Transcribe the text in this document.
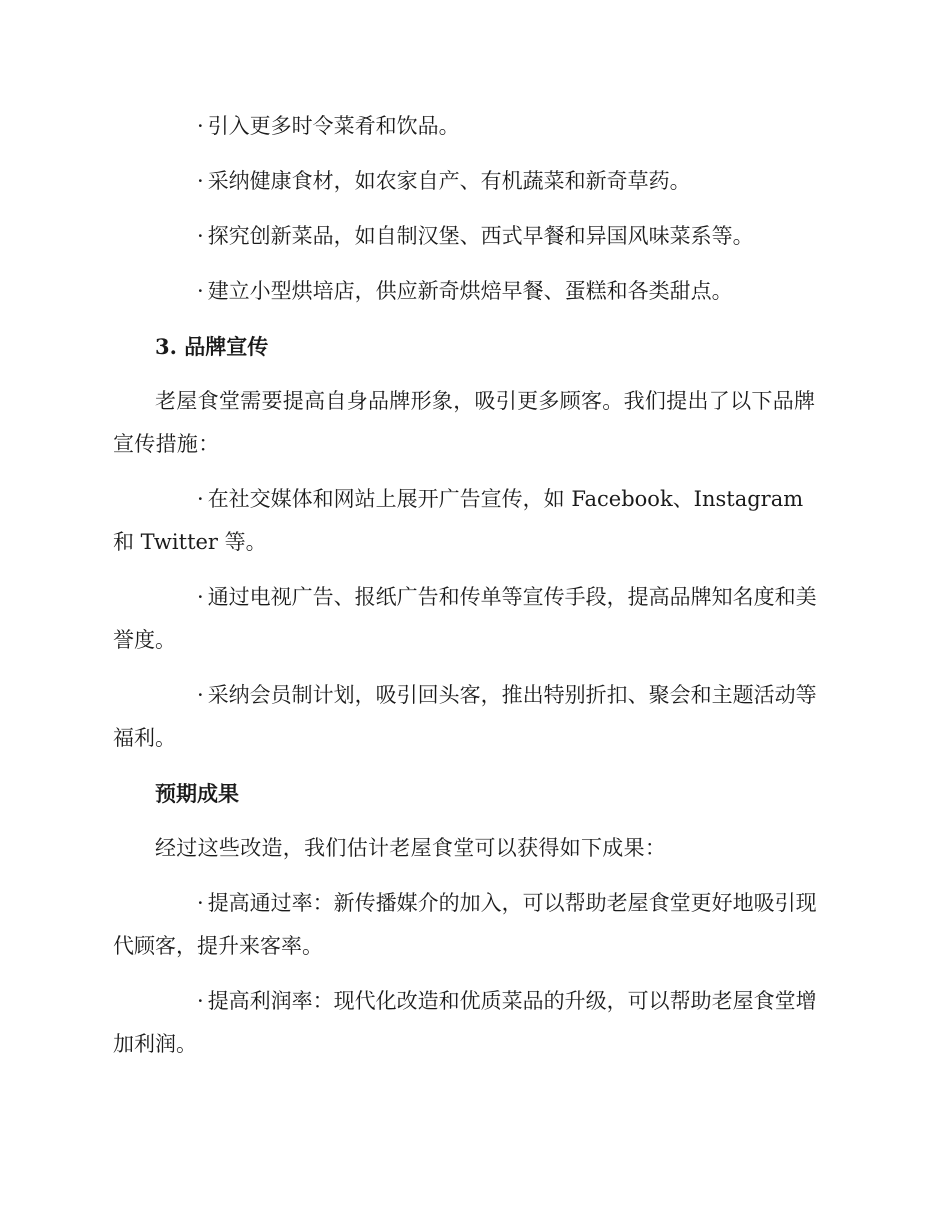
· 引入更多时令菜肴和饮品。
· 采纳健康食材，如农家自产、有机蔬菜和新奇草药。
· 探究创新菜品，如自制汉堡、西式早餐和异国风味菜系等。
· 建立小型烘培店，供应新奇烘焙早餐、蛋糕和各类甜点。
3. 品牌宣传
老屋食堂需要提高自身品牌形象，吸引更多顾客。我们提出了以下品牌宣传措施：
· 在社交媒体和网站上展开广告宣传，如 Facebook、Instagram 和 Twitter 等。
· 通过电视广告、报纸广告和传单等宣传手段，提高品牌知名度和美誉度。
· 采纳会员制计划，吸引回头客，推出特别折扣、聚会和主题活动等福利。
预期成果
经过这些改造，我们估计老屋食堂可以获得如下成果：
· 提高通过率：新传播媒介的加入，可以帮助老屋食堂更好地吸引现代顾客，提升来客率。
· 提高利润率：现代化改造和优质菜品的升级，可以帮助老屋食堂增加利润。
